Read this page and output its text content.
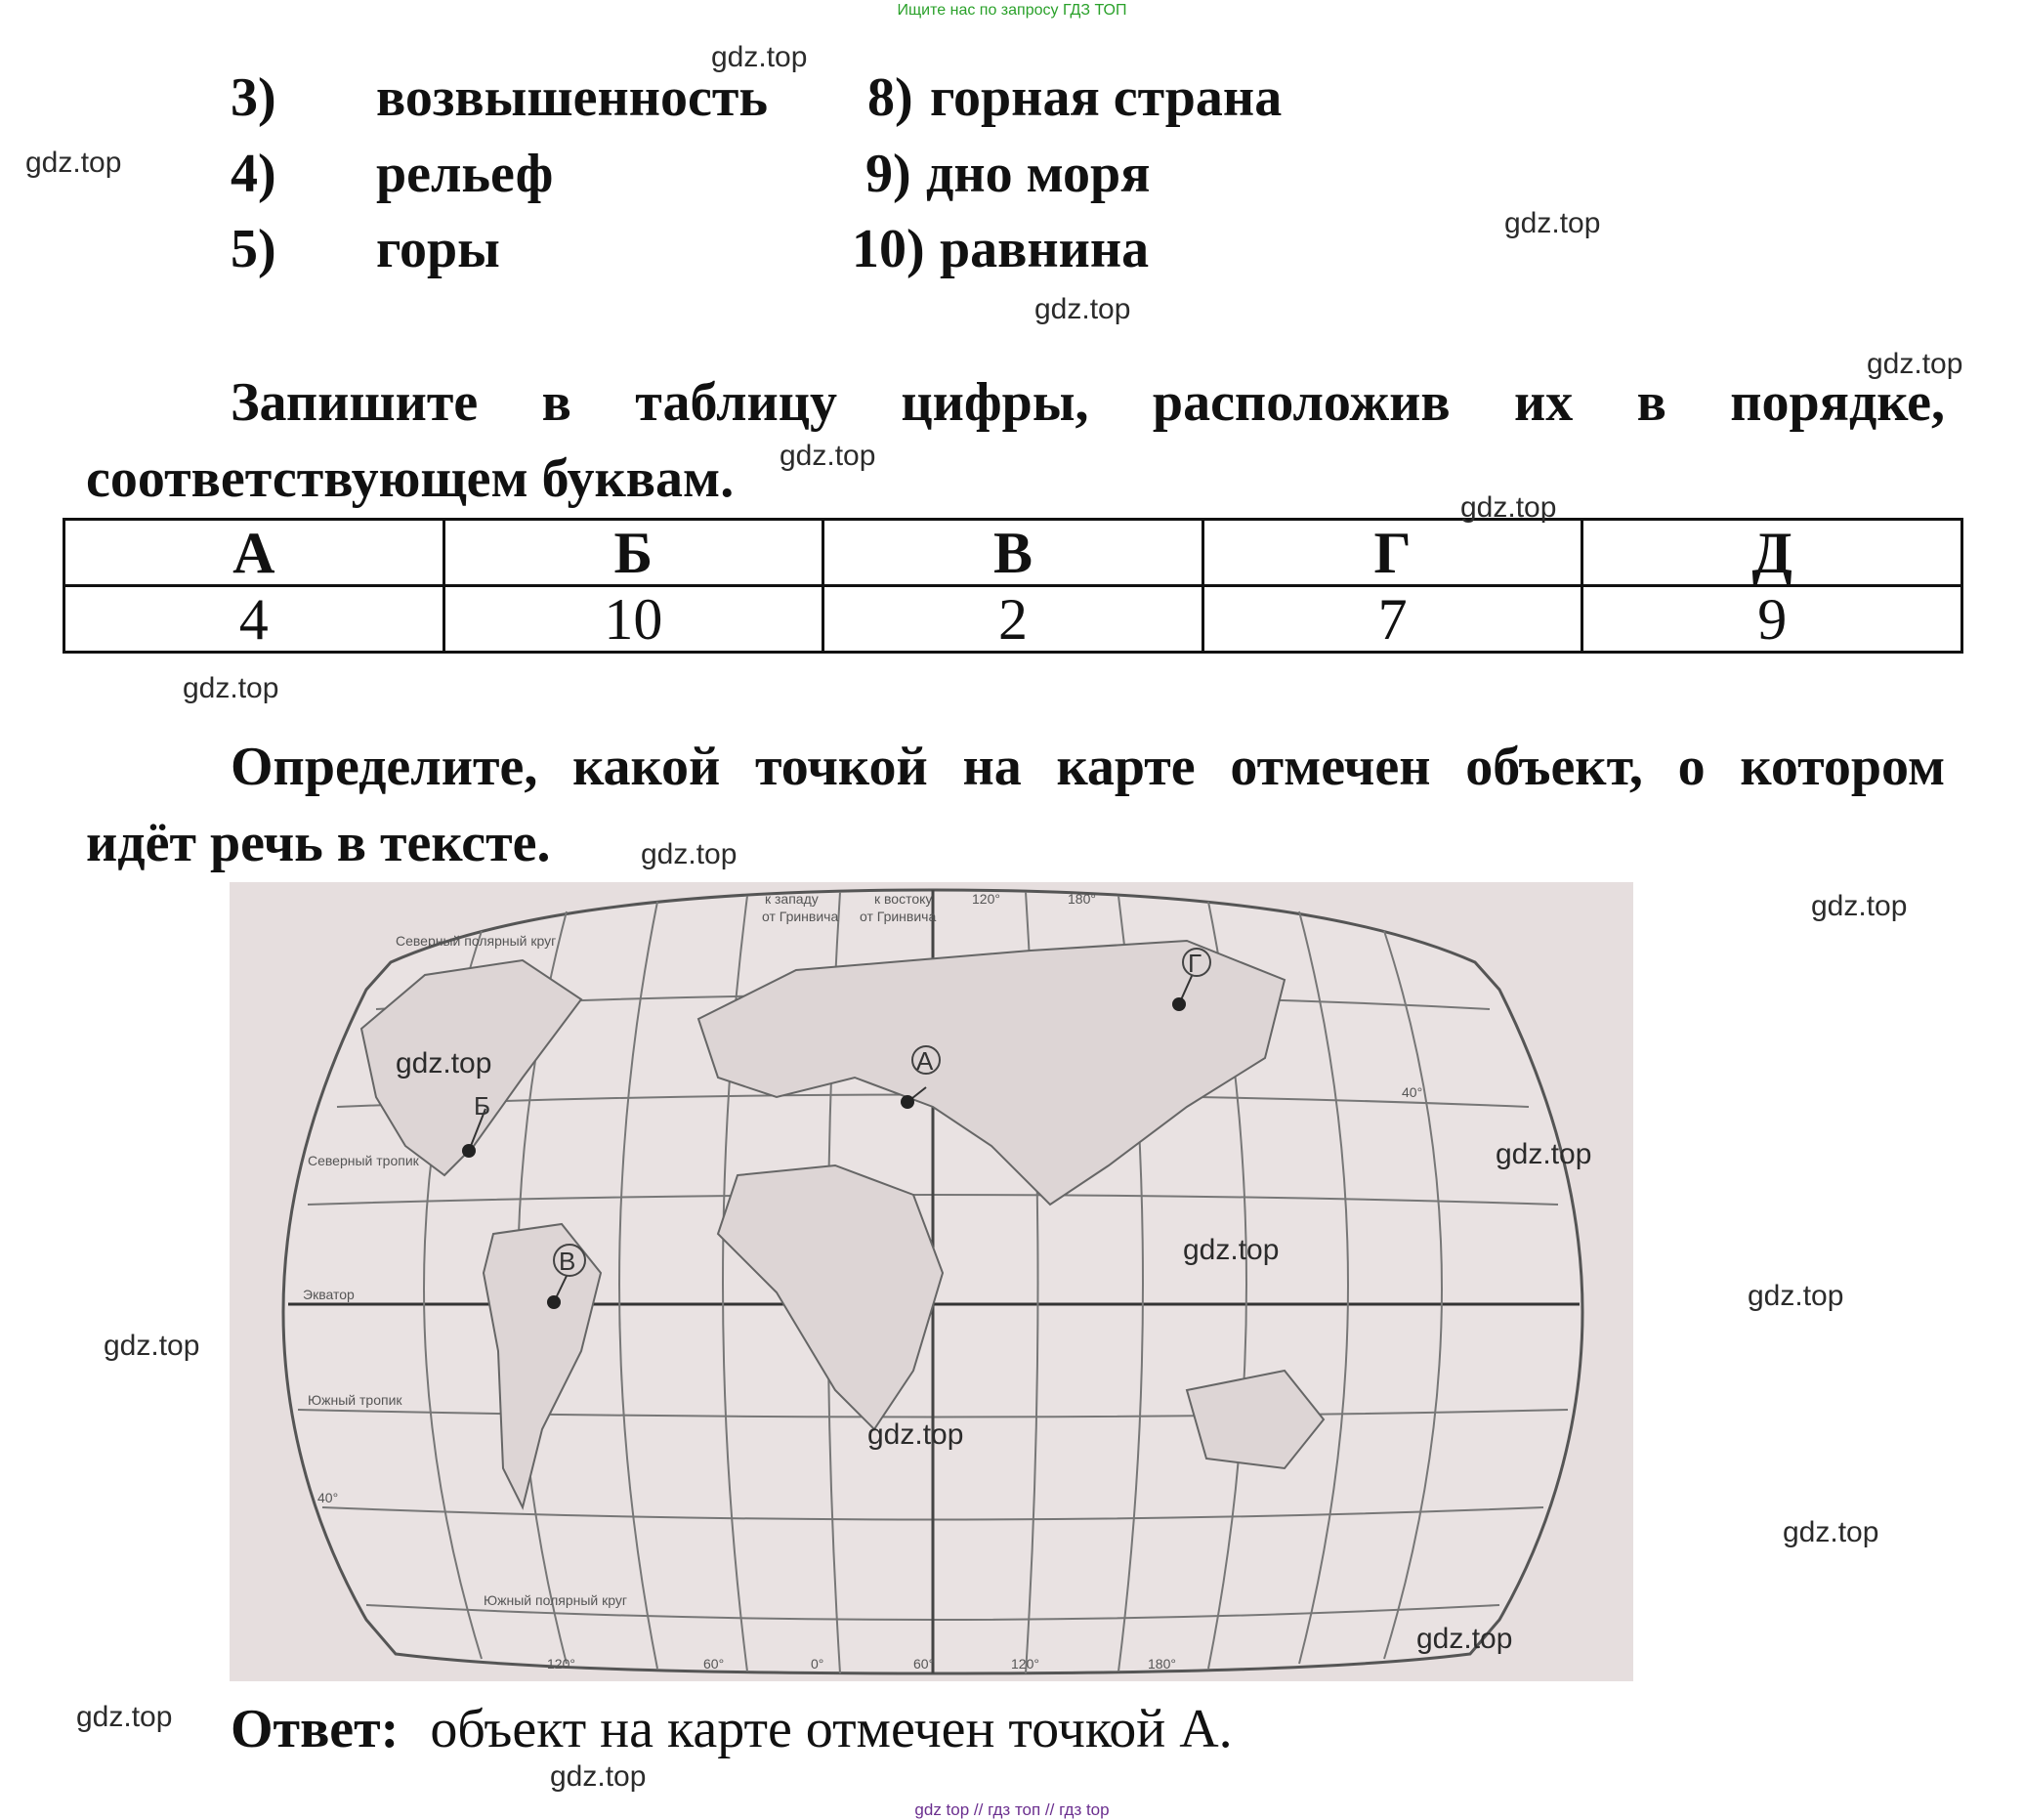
Ищите нас по запросу ГДЗ ТОП
3) возвышенность
4) рельеф
5) горы
8) горная страна
9) дно моря
10) равнина
Запишите в таблицу цифры, расположив их в порядке,
соответствующем буквам.
А	Б	В	Г	Д
4	10	2	7	9
Определите, какой точкой на карте отмечен объект, о котором
идёт речь в тексте.
к западу	к востоку
от Гринвича от Гринвича
120°	180°
Северный полярный круг
Северный тропик
Экватор
Южный тропик
40°
40°
Южный полярный круг
120°	60°	0°	60°	120°	180°
А
Б
В
Г
Ответ: объект на карте отмечен точкой А.
gdz.top
gdz.top
gdz.top
gdz.top
gdz.top
gdz.top
gdz.top
gdz.top
gdz.top
gdz.top
gdz.top
gdz.top
gdz.top
gdz.top
gdz.top
gdz.top
gdz.top
gdz.top
gdz.top
gdz.top
gdz top // гдз топ // гдз top
